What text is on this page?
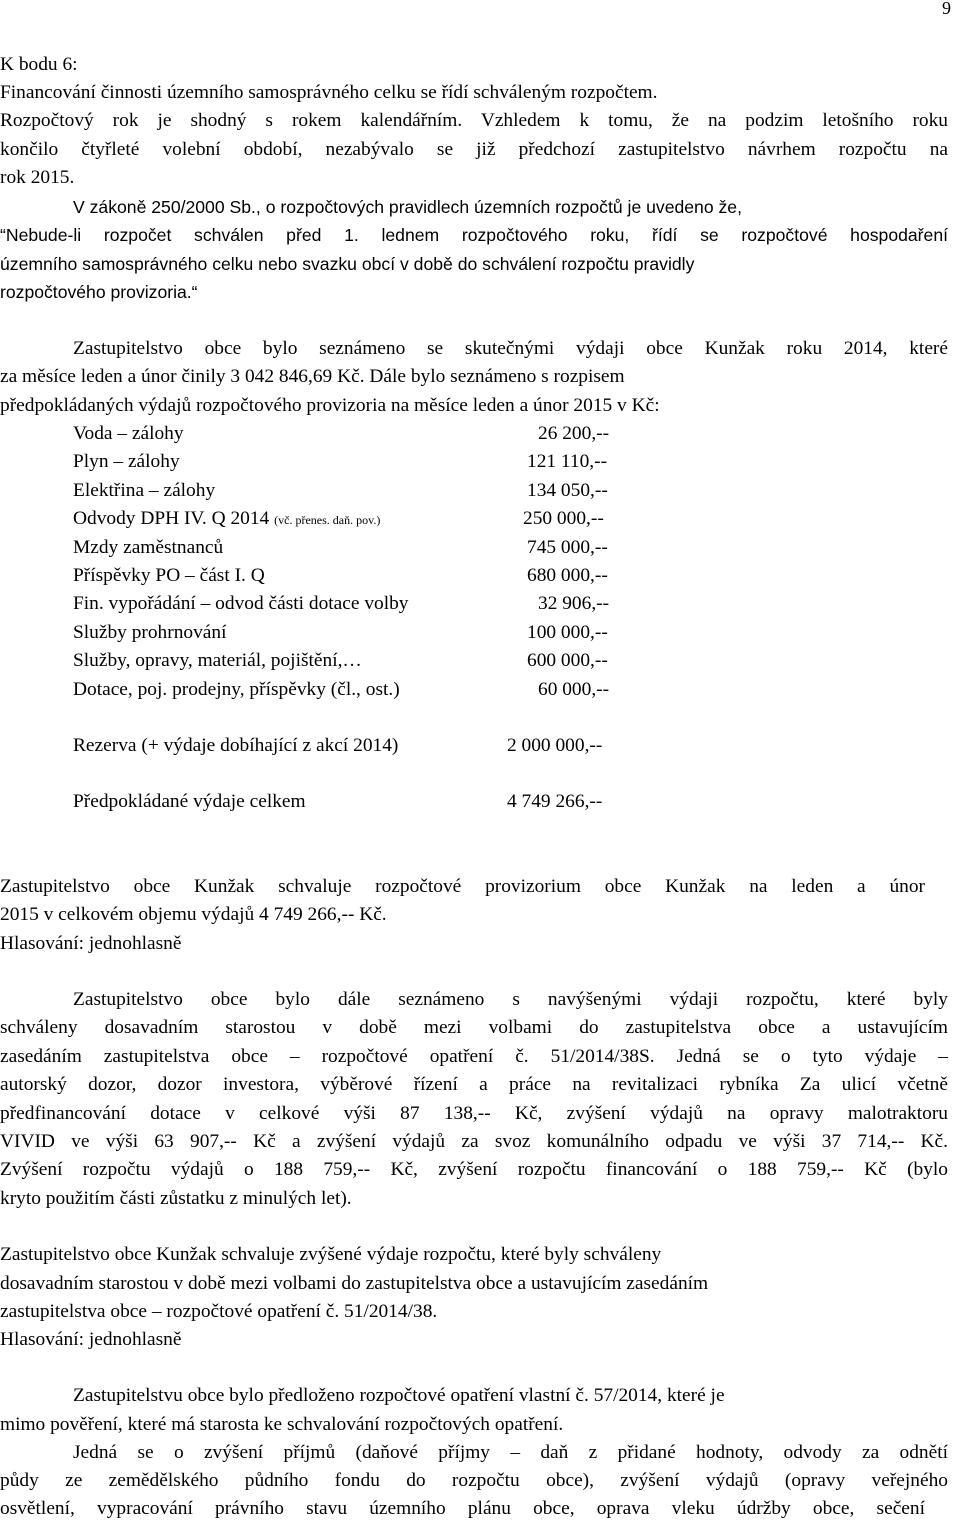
9
K bodu 6:
Financování činnosti územního samosprávného celku se řídí schváleným rozpočtem.
Rozpočtový rok je shodný s rokem kalendářním. Vzhledem k tomu, že na podzim letošního roku
končilo čtyřleté volební období, nezabývalo se již předchozí zastupitelstvo návrhem rozpočtu na
rok 2015.
V zákoně 250/2000 Sb., o rozpočtových pravidlech územních rozpočtů je uvedeno že,
“Nebude-li rozpočet schválen před 1. lednem rozpočtového roku, řídí se rozpočtové hospodaření
územního samosprávného celku nebo svazku obcí v době do schválení rozpočtu pravidly
rozpočtového provizoria.“
Zastupitelstvo obce bylo seznámeno se skutečnými výdaji obce Kunžak roku 2014, které
za měsíce leden a únor činily 3 042 846,69 Kč. Dále bylo seznámeno s rozpisem
předpokládaných výdajů rozpočtového provizoria na měsíce leden a únor 2015 v Kč:
Voda – zálohy	26 200,--
Plyn – zálohy	121 110,--
Elektřina – zálohy	134 050,--
Odvody DPH IV. Q 2014 (vč. přenes. daň. pov.)	250 000,--
Mzdy zaměstnanců	745 000,--
Příspěvky PO – část I. Q	680 000,--
Fin. vypořádání – odvod části dotace volby	32 906,--
Služby prohrnování	100 000,--
Služby, opravy, materiál, pojištění,…	600 000,--
Dotace, poj. prodejny, příspěvky (čl., ost.)	60 000,--
Rezerva (+ výdaje dobíhající z akcí 2014)	2 000 000,--
Předpokládané výdaje celkem	4 749 266,--
Zastupitelstvo obce Kunžak schvaluje rozpočtové provizorium obce Kunžak na leden a únor
2015 v celkovém objemu výdajů 4 749 266,-- Kč.
Hlasování: jednohlasně
Zastupitelstvo obce bylo dále seznámeno s navýšenými výdaji rozpočtu, které byly
schváleny dosavadním starostou v době mezi volbami do zastupitelstva obce a ustavujícím
zasedáním zastupitelstva obce – rozpočtové opatření č. 51/2014/38S. Jedná se o tyto výdaje –
autorský dozor, dozor investora, výběrové řízení a práce na revitalizaci rybníka Za ulicí včetně
předfinancování dotace v celkové výši 87 138,-- Kč, zvýšení výdajů na opravy malotraktoru
VIVID ve výši 63 907,-- Kč a zvýšení výdajů za svoz komunálního odpadu ve výši 37 714,-- Kč.
Zvýšení rozpočtu výdajů o 188 759,-- Kč, zvýšení rozpočtu financování o 188 759,-- Kč (bylo
kryto použitím části zůstatku z minulých let).
Zastupitelstvo obce Kunžak schvaluje zvýšené výdaje rozpočtu, které byly schváleny
dosavadním starostou v době mezi volbami do zastupitelstva obce a ustavujícím zasedáním
zastupitelstva obce – rozpočtové opatření č. 51/2014/38.
Hlasování: jednohlasně
Zastupitelstvu obce bylo předloženo rozpočtové opatření vlastní č. 57/2014, které je
mimo pověření, které má starosta ke schvalování rozpočtových opatření.
Jedná se o zvýšení příjmů (daňové příjmy – daň z přidané hodnoty, odvody za odnětí
půdy ze zemědělského půdního fondu do rozpočtu obce), zvýšení výdajů (opravy veřejného
osvětlení, vypracování právního stavu územního plánu obce, oprava vleku údržby obce, sečení
